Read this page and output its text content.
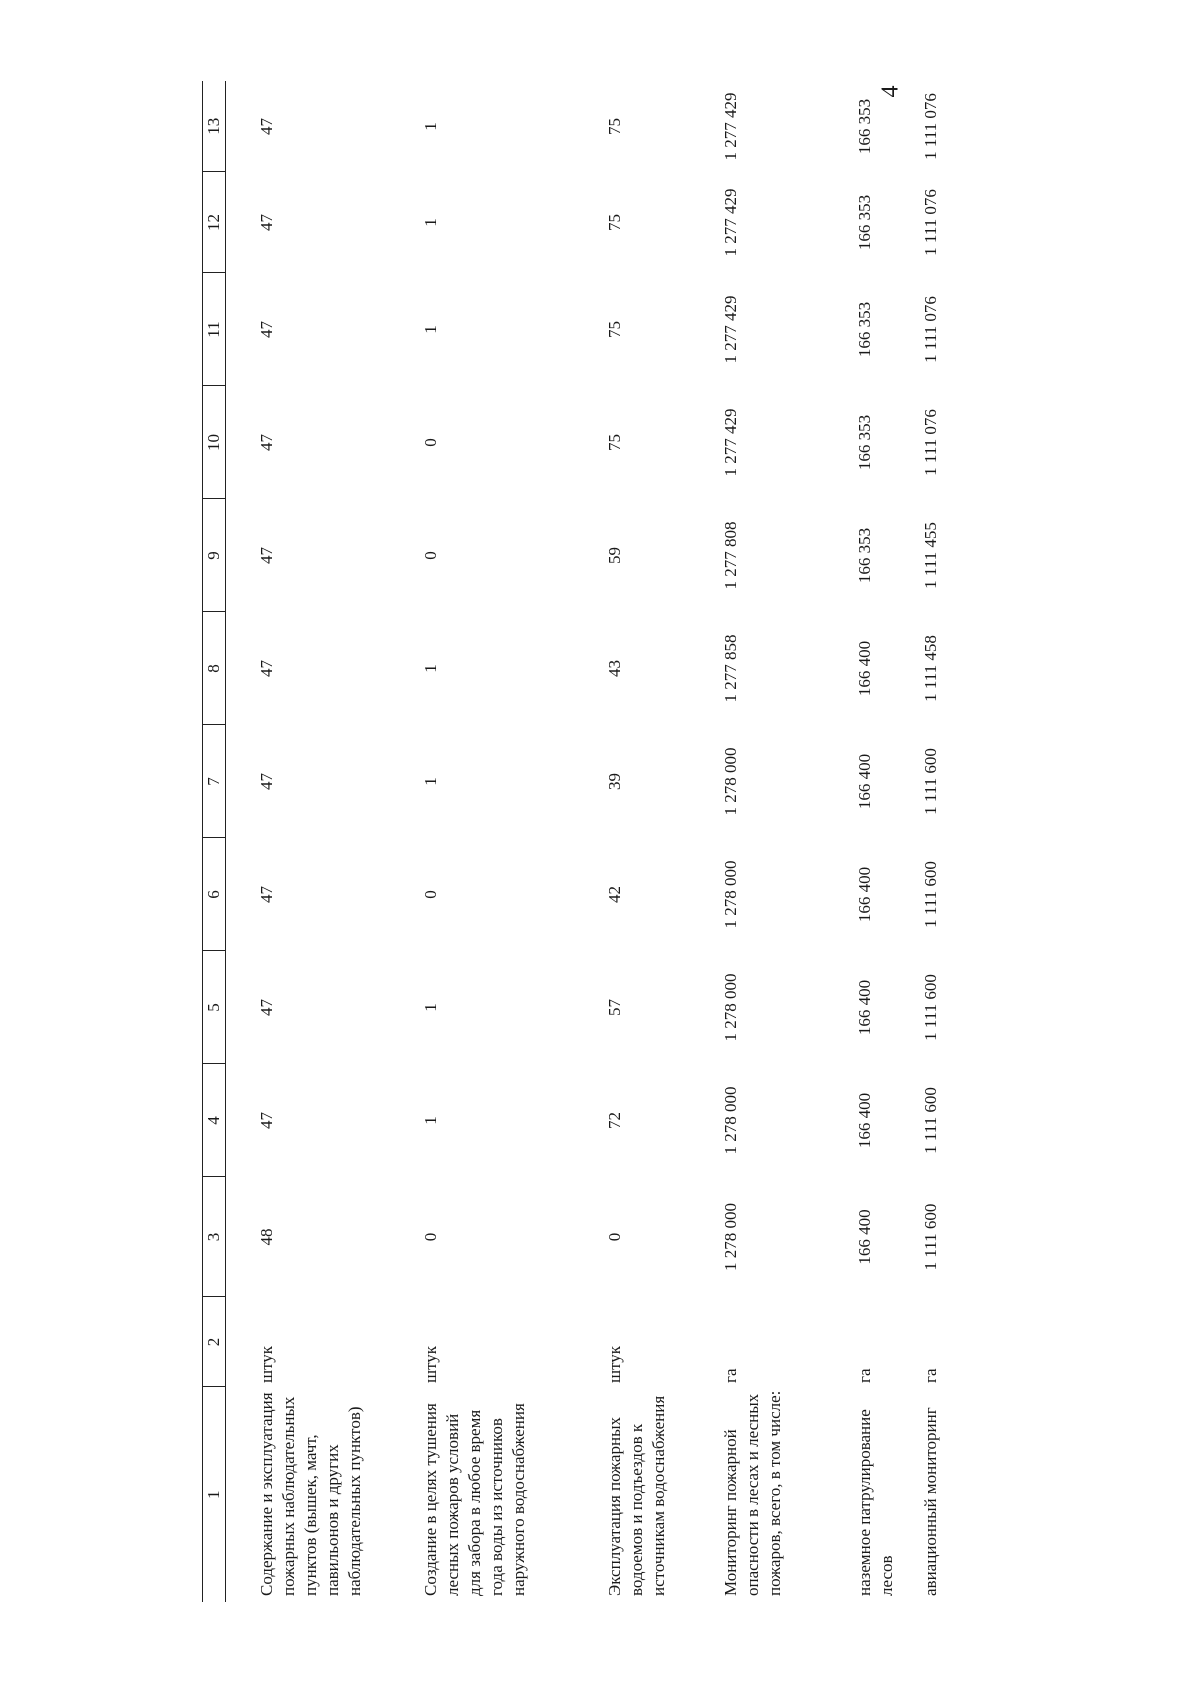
4
1	2	3	4	5	6	7	8	9	10	11	12	13
Содержание и эксплуатация пожарных наблюдательных пунктов (вышек, мачт, павильонов и других наблюдательных пунктов)	штук	48	47	47	47	47	47	47	47	47	47	47
Создание в целях тушения лесных пожаров условий для забора в любое время года воды из источников наружного водоснабжения	штук	0	1	1	0	1	1	0	0	1	1	1
Эксплуатация пожарных водоемов и подъездов к источникам водоснабжения	штук	0	72	57	42	39	43	59	75	75	75	75
Мониторинг пожарной опасности в лесах и лесных пожаров, всего, в том числе:	га	1 278 000	1 278 000	1 278 000	1 278 000	1 278 000	1 277 858	1 277 808	1 277 429	1 277 429	1 277 429	1 277 429
наземное патрулирование лесов	га	166 400	166 400	166 400	166 400	166 400	166 400	166 353	166 353	166 353	166 353	166 353
авиационный мониторинг	га	1 111 600	1 111 600	1 111 600	1 111 600	1 111 600	1 111 458	1 111 455	1 111 076	1 111 076	1 111 076	1 111 076
